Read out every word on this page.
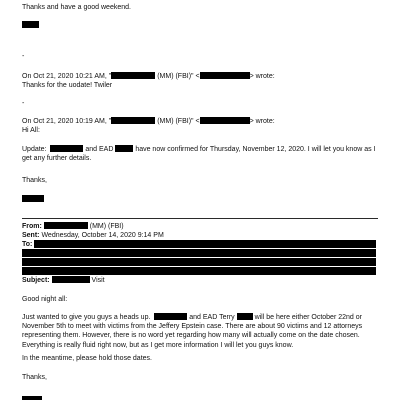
Thanks and have a good weekend.
-
On Oct 21, 2020 10:21 AM, "	(MM) (FBI)" <	> wrote:
Thanks for the uodate! Twiler
-
On Oct 21, 2020 10:19 AM, "	(MM) (FBI)" <	> wrote:
Hi All:
Update:	and EAD	have now confirmed for Thursday, November 12, 2020. I will let you know as I get any further details.
Thanks,
From:	(MM) (FBI)
Sent: Wednesday, October 14, 2020 9:14 PM
To:
Subject:	Visit
Good night all:
Just wanted to give you guys a heads up.	and EAD Terry	will be here either October 22nd or November 5th to meet with victims from the Jeffery Epstein case. There are about 90 victims and 12 attorneys representing them. However, there is no word yet regarding how many will actually come on the date chosen. Everything is really fluid right now, but as I get more information I will let you guys know.
In the meantime, please hold those dates.
Thanks,
